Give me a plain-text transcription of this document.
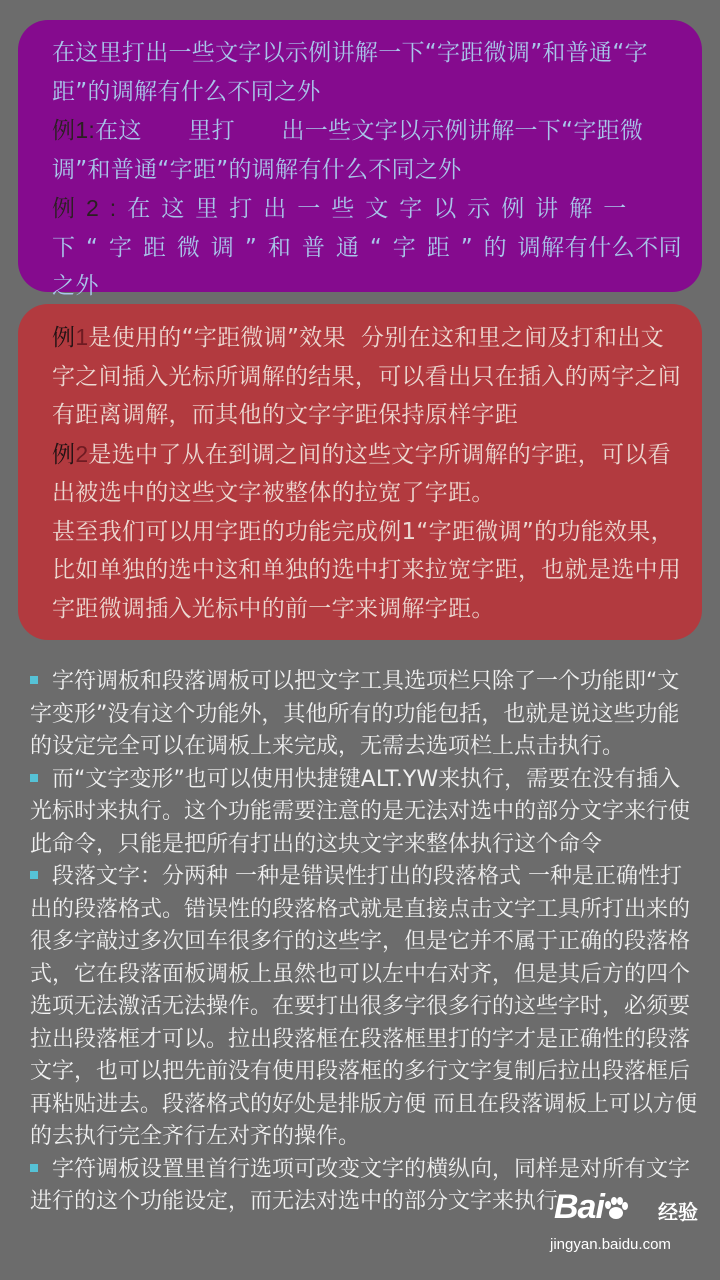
在这里打出一些文字以示例讲解一下“字距微调”和普通“字距”的调解有什么不同之外

例1:在这　　里打　　出一些文字以示例讲解一下“字距微调”和普通“字距”的调解有什么不同之外

例2:在这里打出一些文字以示例讲解一下“字距微调”和普通“字距”的调解有什么不同之外

例1是使用的“字距微调”效果  分别在这和里之间及打和出文字之间插入光标所调解的结果，可以看出只在插入的两字之间有距离调解，而其他的文字字距保持原样字距

例2是选中了从在到调之间的这些文字所调解的字距，可以看出被选中的这些文字被整体的拉宽了字距。

甚至我们可以用字距的功能完成例1“字距微调”的功能效果，比如单独的选中这和单独的选中打来拉宽字距，也就是选中用字距微调插入光标中的前一字来调解字距。

字符调板和段落调板可以把文字工具选项栏只除了一个功能即“文字变形”没有这个功能外，其他所有的功能包括，也就是说这些功能的设定完全可以在调板上来完成，无需去选项栏上点击执行。

而“文字变形”也可以使用快捷键ALT.YW来执行，需要在没有插入光标时来执行。这个功能需要注意的是无法对选中的部分文字来行使此命令，只能是把所有打出的这块文字来整体执行这个命令

段落文字：分两种 一种是错误性打出的段落格式 一种是正确性打出的段落格式。错误性的段落格式就是直接点击文字工具所打出来的很多字敲过多次回车很多行的这些字，但是它并不属于正确的段落格式，它在段落面板调板上虽然也可以左中右对齐，但是其后方的四个选项无法激活无法操作。在要打出很多字很多行的这些字时，必须要拉出段落框才可以。拉出段落框在段落框里打的字才是正确性的段落文字，也可以把先前没有使用段落框的多行文字复制后拉出段落框后再粘贴进去。段落格式的好处是排版方便 而且在段落调板上可以方便的去执行完全齐行左对齐的操作。

字符调板设置里首行选项可改变文字的横纵向，同样是对所有文字进行的这个功能设定，而无法对选中的部分文字来执行

Bai	经验
jingyan.baidu.com
